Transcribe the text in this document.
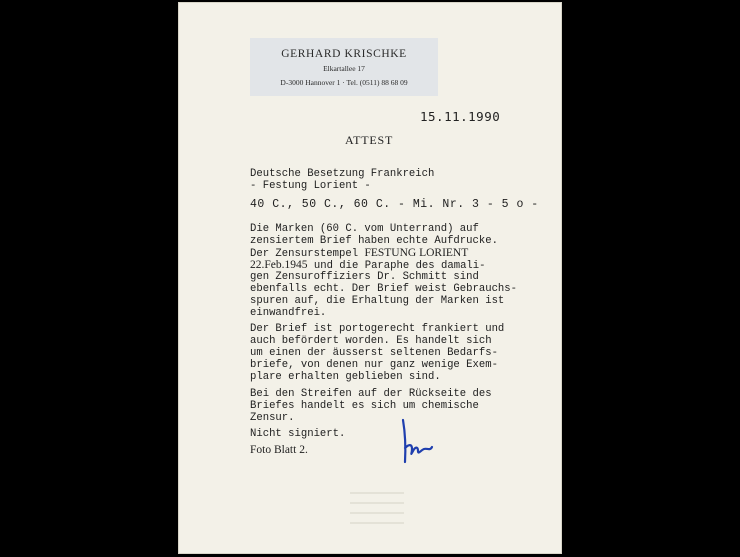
GERHARD KRISCHKE
Elkartallee 17
D-3000 Hannover 1 · Tel. (0511) 88 68 09
15.11.1990
ATTEST
Deutsche Besetzung Frankreich
- Festung Lorient -
40 C., 50 C., 60 C. - Mi. Nr. 3 - 5 o -
Die Marken (60 C. vom Unterrand) auf
zensiertem Brief haben echte Aufdrucke.
Der Zensurstempel FESTUNG LORIENT
22.Feb.1945 und die Paraphe des damali-
gen Zensuroffiziers Dr. Schmitt sind
ebenfalls echt. Der Brief weist Gebrauchs-
spuren auf, die Erhaltung der Marken ist
einwandfrei.
Der Brief ist portogerecht frankiert und
auch befördert worden. Es handelt sich
um einen der äusserst seltenen Bedarfs-
briefe, von denen nur ganz wenige Exem-
plare erhalten geblieben sind.
Bei den Streifen auf der Rückseite des
Briefes handelt es sich um chemische
Zensur.
Nicht signiert.
Foto Blatt 2.
